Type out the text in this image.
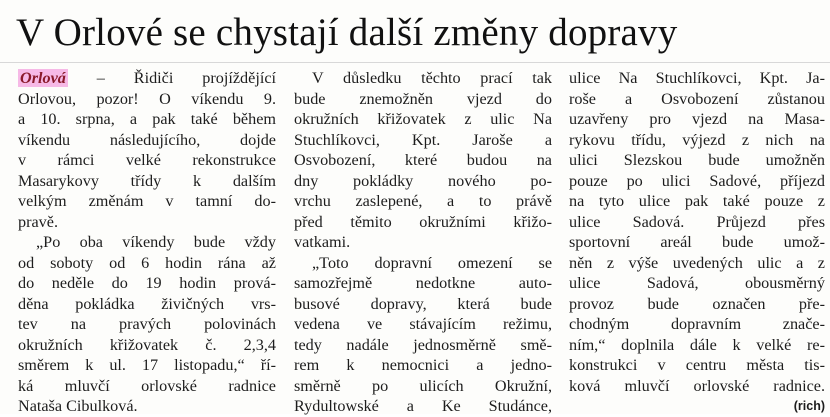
V Orlové se chystají další změny dopravy
Orlová – Řidiči projíždějící
Orlovou, pozor! O víkendu 9.
a 10. srpna, a pak také během
víkendu následujícího, dojde
v rámci velké rekonstrukce
Masarykovy třídy k dalším
velkým změnám v tamní do-
pravě.
„Po oba víkendy bude vždy
od soboty od 6 hodin rána až
do neděle do 19 hodin prová-
děna pokládka živičných vrs-
tev na pravých polovinách
okružních křižovatek č. 2,3,4
směrem k ul. 17 listopadu,“ ří-
ká mluvčí orlovské radnice
Nataša Cibulková.
V důsledku těchto prací tak
bude znemožněn vjezd do
okružních křižovatek z ulic Na
Stuchlíkovci, Kpt. Jaroše a
Osvobození, které budou na
dny pokládky nového po-
vrchu zaslepené, a to právě
před těmito okružními křižo-
vatkami.
„Toto dopravní omezení se
samozřejmě nedotkne auto-
busové dopravy, která bude
vedena ve stávajícím režimu,
tedy nadále jednosměrně smě-
rem k nemocnici a jedno-
směrně po ulicích Okružní,
Rydultowské a Ke Studánce,
ulice Na Stuchlíkovci, Kpt. Ja-
roše a Osvobození zůstanou
uzavřeny pro vjezd na Masa-
rykovu třídu, výjezd z nich na
ulici Slezskou bude umožněn
pouze po ulici Sadové, příjezd
na tyto ulice pak také pouze z
ulice Sadová. Průjezd přes
sportovní areál bude umož-
něn z výše uvedených ulic a z
ulice Sadová, obousměrný
provoz bude označen pře-
chodným dopravním znače-
ním,“ doplnila dále k velké re-
konstrukci v centru města tis-
ková mluvčí orlovské radnice.
(rich)
